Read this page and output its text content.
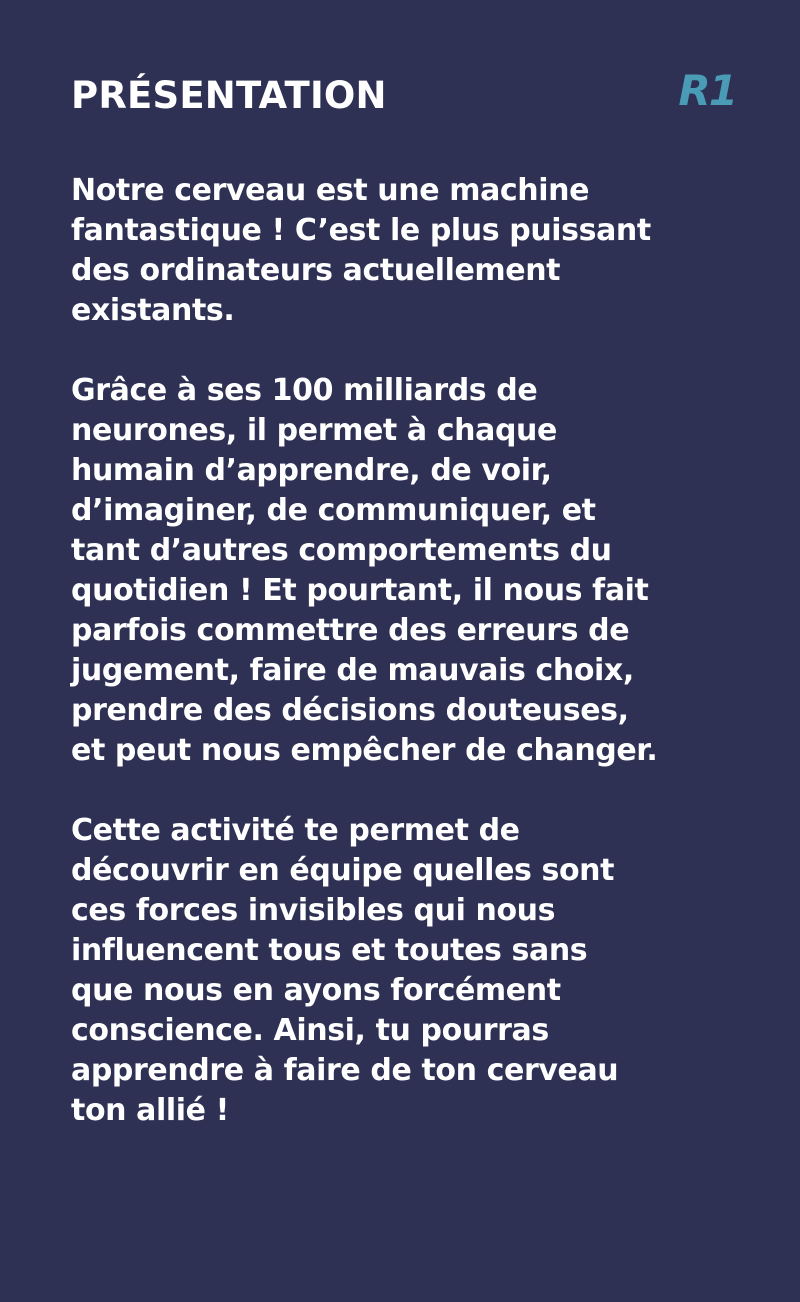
PRÉSENTATION	R1

Notre cerveau est une machine
fantastique ! C’est le plus puissant
des ordinateurs actuellement
existants.

Grâce à ses 100 milliards de
neurones, il permet à chaque
humain d’apprendre, de voir,
d’imaginer, de communiquer, et
tant d’autres comportements du
quotidien ! Et pourtant, il nous fait
parfois commettre des erreurs de
jugement, faire de mauvais choix,
prendre des décisions douteuses,
et peut nous empêcher de changer.

Cette activité te permet de
découvrir en équipe quelles sont
ces forces invisibles qui nous
influencent tous et toutes sans
que nous en ayons forcément
conscience. Ainsi, tu pourras
apprendre à faire de ton cerveau
ton allié !
